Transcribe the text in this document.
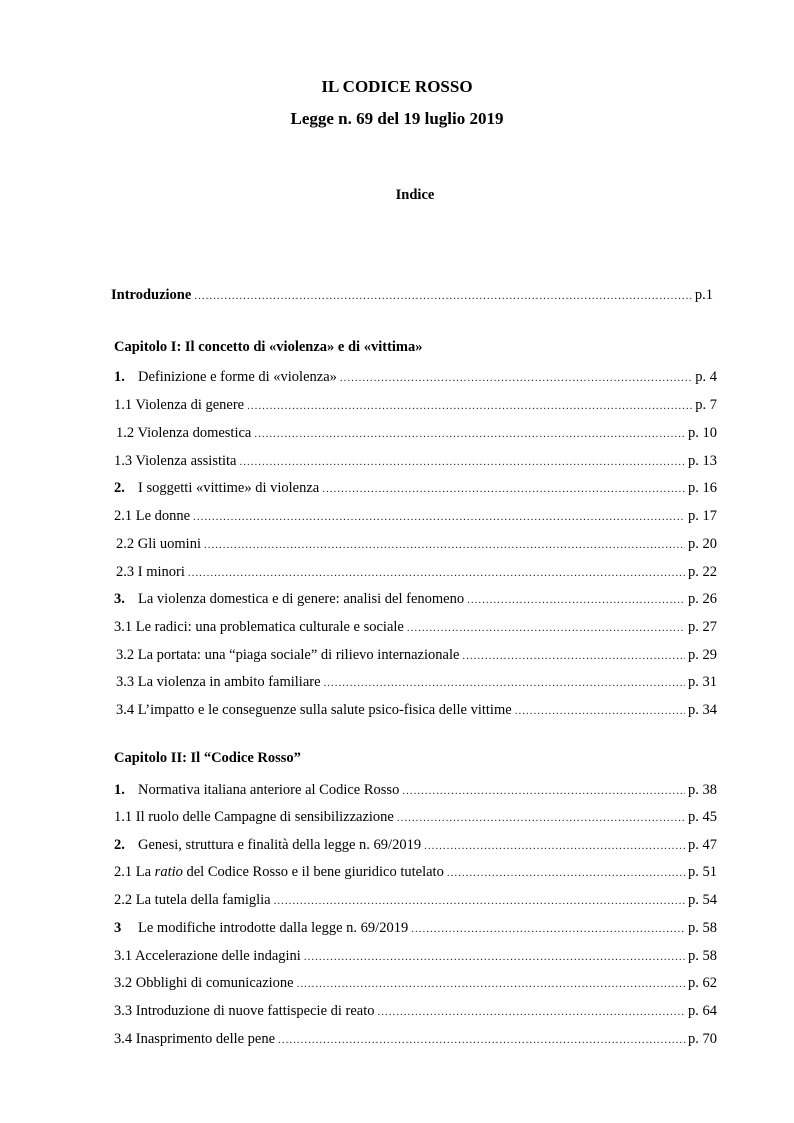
IL CODICE ROSSO
Legge n. 69 del 19 luglio 2019
Indice
Introduzione .....	p.1
Capitolo I: Il concetto di «violenza» e di «vittima»
1. Definizione e forme di «violenza» .....	p. 4
1.1 Violenza di genere .....	p. 7
1.2 Violenza domestica .....	p. 10
1.3 Violenza assistita .....	p. 13
2. I soggetti «vittime» di violenza .....	p. 16
2.1 Le donne .....	p. 17
2.2 Gli uomini .....	p. 20
2.3 I minori .....	p. 22
3. La violenza domestica e di genere: analisi del fenomeno .....	p. 26
3.1 Le radici: una problematica culturale e sociale .....	p. 27
3.2 La portata: una “piaga sociale” di rilievo internazionale .....	p. 29
3.3 La violenza in ambito familiare .....	p. 31
3.4 L’impatto e le conseguenze sulla salute psico-fisica delle vittime .....	p. 34
Capitolo II: Il “Codice Rosso”
1. Normativa italiana anteriore al Codice Rosso .....	p. 38
1.1 Il ruolo delle Campagne di sensibilizzazione .....	p. 45
2. Genesi, struttura e finalità della legge n. 69/2019 .....	p. 47
2.1 La ratio del Codice Rosso e il bene giuridico tutelato .....	p. 51
2.2 La tutela della famiglia .....	p. 54
3 Le modifiche introdotte dalla legge n. 69/2019 .....	p. 58
3.1 Accelerazione delle indagini .....	p. 58
3.2 Obblighi di comunicazione .....	p. 62
3.3 Introduzione di nuove fattispecie di reato .....	p. 64
3.4 Inasprimento delle pene .....	p. 70
